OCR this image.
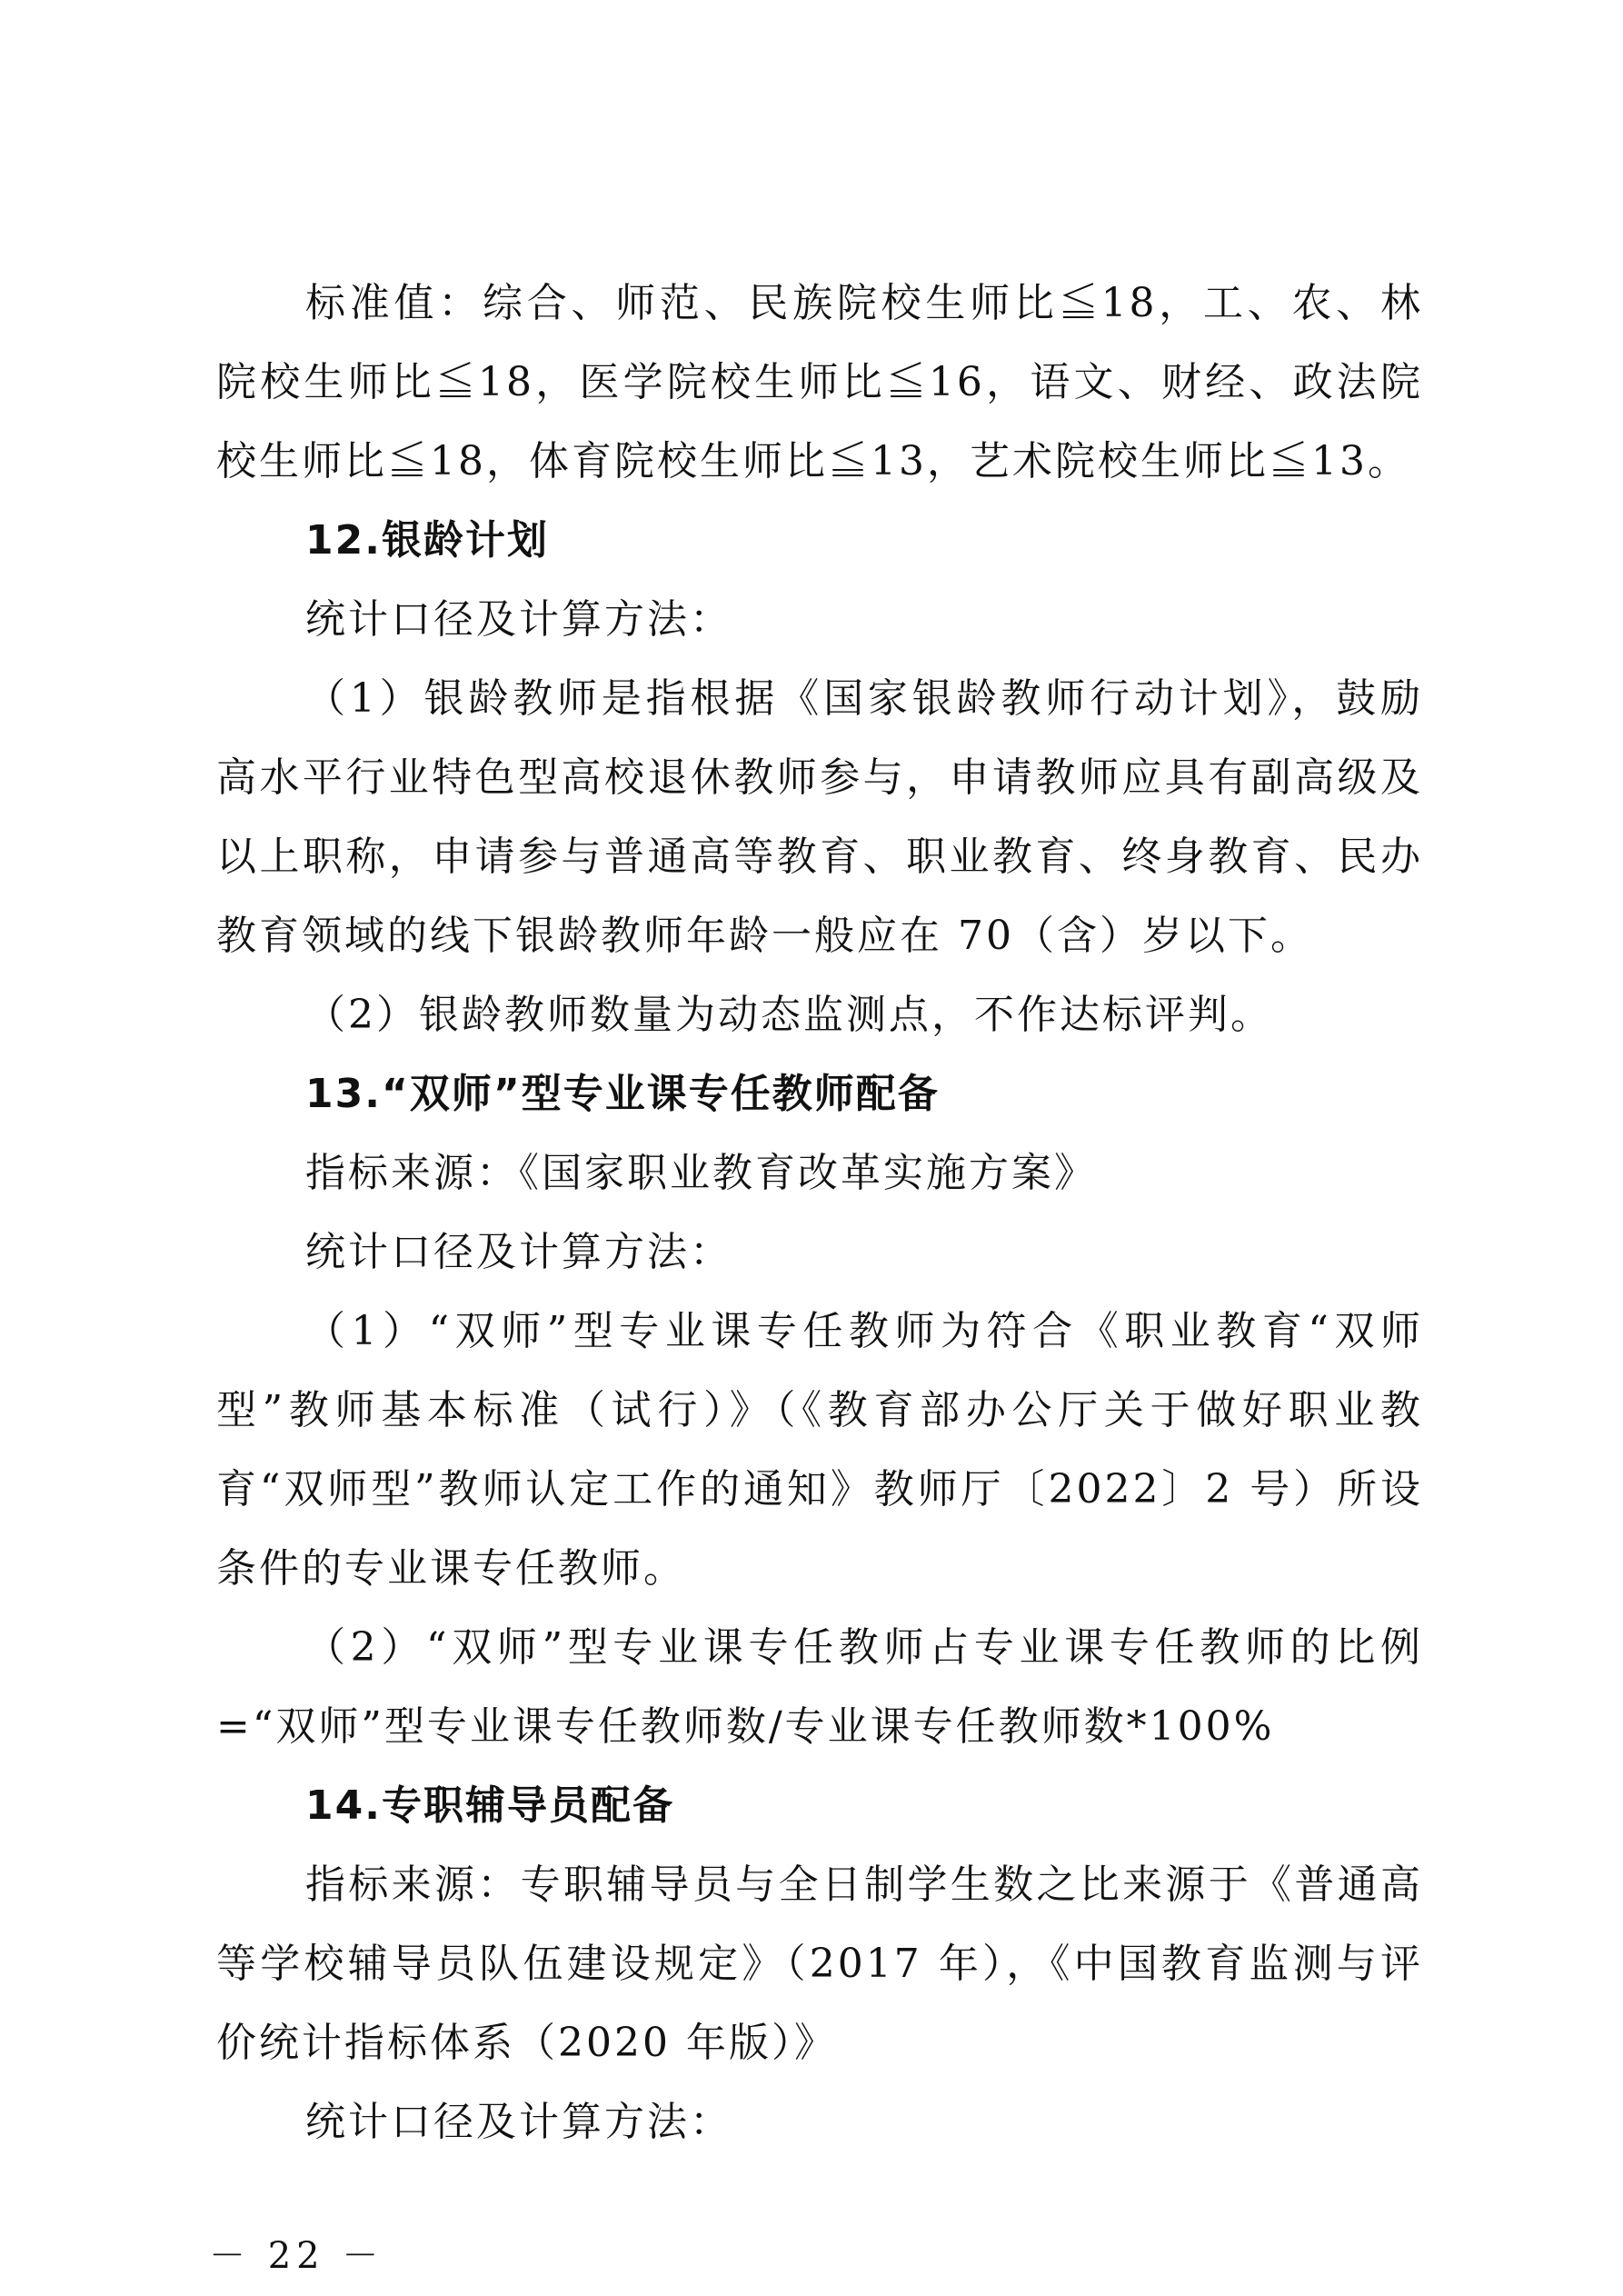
标准值：综合、师范、民族院校生师比≦18，工、农、林院校生师比≦18，医学院校生师比≦16，语文、财经、政法院校生师比≦18，体育院校生师比≦13，艺术院校生师比≦13。

12.银龄计划

统计口径及计算方法：

（1）银龄教师是指根据《国家银龄教师行动计划》，鼓励高水平行业特色型高校退休教师参与，申请教师应具有副高级及以上职称，申请参与普通高等教育、职业教育、终身教育、民办教育领域的线下银龄教师年龄一般应在 70（含）岁以下。

（2）银龄教师数量为动态监测点，不作达标评判。

13.“双师”型专业课专任教师配备

指标来源：《国家职业教育改革实施方案》

统计口径及计算方法：

（1）“双师”型专业课专任教师为符合《职业教育“双师型”教师基本标准（试行）》（《教育部办公厅关于做好职业教育“双师型”教师认定工作的通知》教师厅〔2022〕2 号）所设条件的专业课专任教师。

（2）“双师”型专业课专任教师占专业课专任教师的比例=“双师”型专业课专任教师数/专业课专任教师数*100%

14.专职辅导员配备

指标来源：专职辅导员与全日制学生数之比来源于《普通高等学校辅导员队伍建设规定》（2017 年），《中国教育监测与评价统计指标体系（2020 年版）》

统计口径及计算方法：

－ 22 －
